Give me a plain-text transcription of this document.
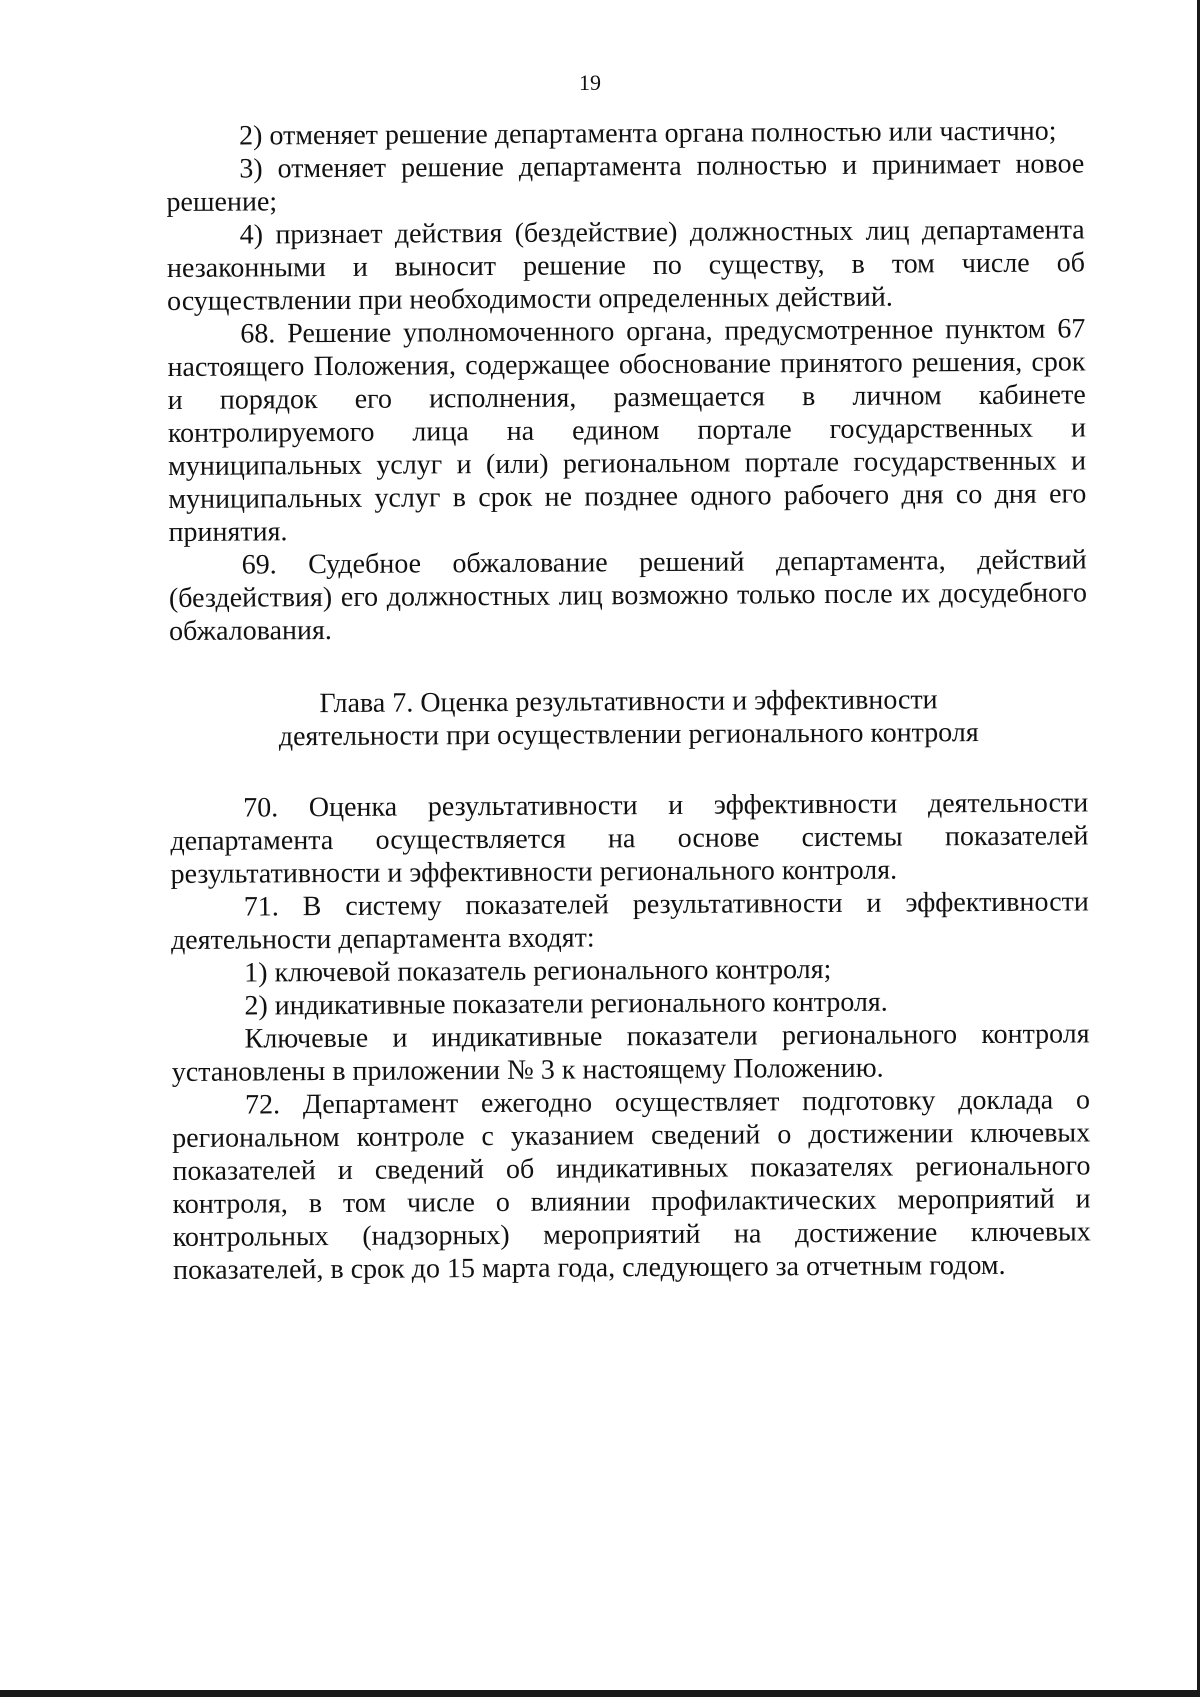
19

2) отменяет решение департамента органа полностью или частично;

3) отменяет решение департамента полностью и принимает новое решение;

4) признает действия (бездействие) должностных лиц департамента незаконными и выносит решение по существу, в том числе об осуществлении при необходимости определенных действий.

68. Решение уполномоченного органа, предусмотренное пунктом 67 настоящего Положения, содержащее обоснование принятого решения, срок и порядок его исполнения, размещается в личном кабинете контролируемого лица на едином портале государственных и муниципальных услуг и (или) региональном портале государственных и муниципальных услуг в срок не позднее одного рабочего дня со дня его принятия.

69. Судебное обжалование решений департамента, действий (бездействия) его должностных лиц возможно только после их досудебного обжалования.

Глава 7. Оценка результативности и эффективности
деятельности при осуществлении регионального контроля

70. Оценка результативности и эффективности деятельности департамента осуществляется на основе системы показателей результативности и эффективности регионального контроля.

71. В систему показателей результативности и эффективности деятельности департамента входят:

1) ключевой показатель регионального контроля;

2) индикативные показатели регионального контроля.

Ключевые и индикативные показатели регионального контроля установлены в приложении № 3 к настоящему Положению.

72. Департамент ежегодно осуществляет подготовку доклада о региональном контроле с указанием сведений о достижении ключевых показателей и сведений об индикативных показателях регионального контроля, в том числе о влиянии профилактических мероприятий и контрольных (надзорных) мероприятий на достижение ключевых показателей, в срок до 15 марта года, следующего за отчетным годом.
